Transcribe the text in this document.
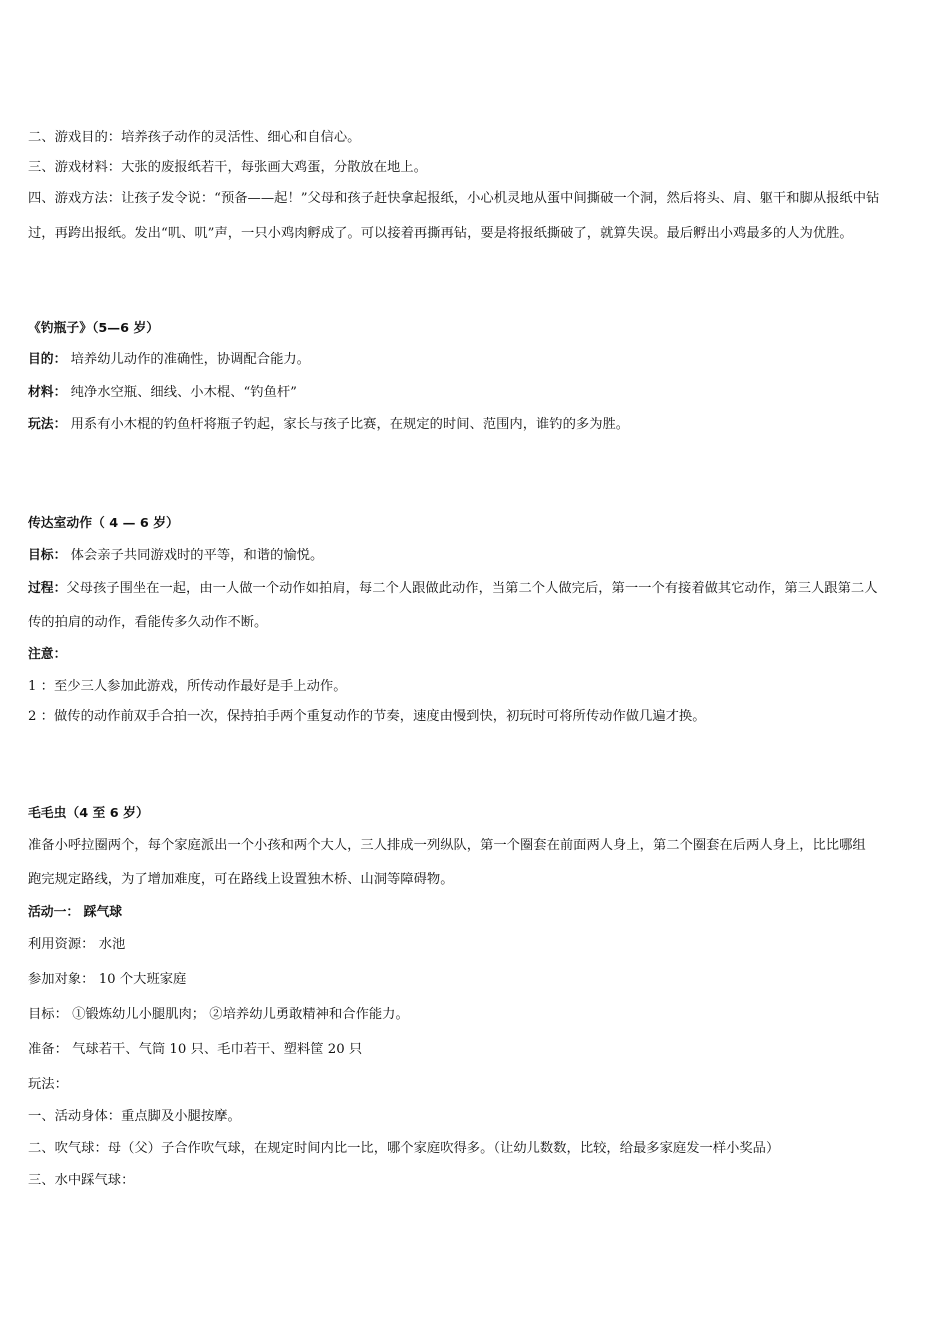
二、游戏目的：培养孩子动作的灵活性、细心和自信心。
三、游戏材料：大张的废报纸若干，每张画大鸡蛋，分散放在地上。
四、游戏方法：让孩子发令说：“预备——起！”父母和孩子赶快拿起报纸，小心机灵地从蛋中间撕破一个洞，然后将头、肩、躯干和脚从报纸中钻
过，再跨出报纸。发出“叽、叽”声，一只小鸡肉孵成了。可以接着再撕再钻，要是将报纸撕破了，就算失误。最后孵出小鸡最多的人为优胜。
《钓瓶子》（5—6 岁）
目的： 培养幼儿动作的准确性，协调配合能力。
材料： 纯净水空瓶、细线、小木棍、“钓鱼杆”
玩法： 用系有小木棍的钓鱼杆将瓶子钓起，家长与孩子比赛，在规定的时间、范围内，谁钓的多为胜。
传达室动作（ 4 — 6 岁）
目标： 体会亲子共同游戏时的平等，和谐的愉悦。
过程：父母孩子围坐在一起，由一人做一个动作如拍肩，每二个人跟做此动作，当第二个人做完后，第一一个有接着做其它动作，第三人跟第二人
传的拍肩的动作，看能传多久动作不断。
注意：
1 ：至少三人参加此游戏，所传动作最好是手上动作。
2 ：做传的动作前双手合拍一次，保持拍手两个重复动作的节奏，速度由慢到快，初玩时可将所传动作做几遍才换。
毛毛虫（4 至 6 岁）
准备小呼拉圈两个，每个家庭派出一个小孩和两个大人，三人排成一列纵队，第一个圈套在前面两人身上，第二个圈套在后两人身上，比比哪组
跑完规定路线，为了增加难度，可在路线上设置独木桥、山洞等障碍物。
活动一： 踩气球
利用资源： 水池
参加对象： 10 个大班家庭
目标： ①锻炼幼儿小腿肌肉； ②培养幼儿勇敢精神和合作能力。
准备： 气球若干、气筒 10 只、毛巾若干、塑料筐 20 只
玩法：
一、活动身体：重点脚及小腿按摩。
二、吹气球：母（父）子合作吹气球，在规定时间内比一比，哪个家庭吹得多。（让幼儿数数，比较，给最多家庭发一样小奖品）
三、水中踩气球：
